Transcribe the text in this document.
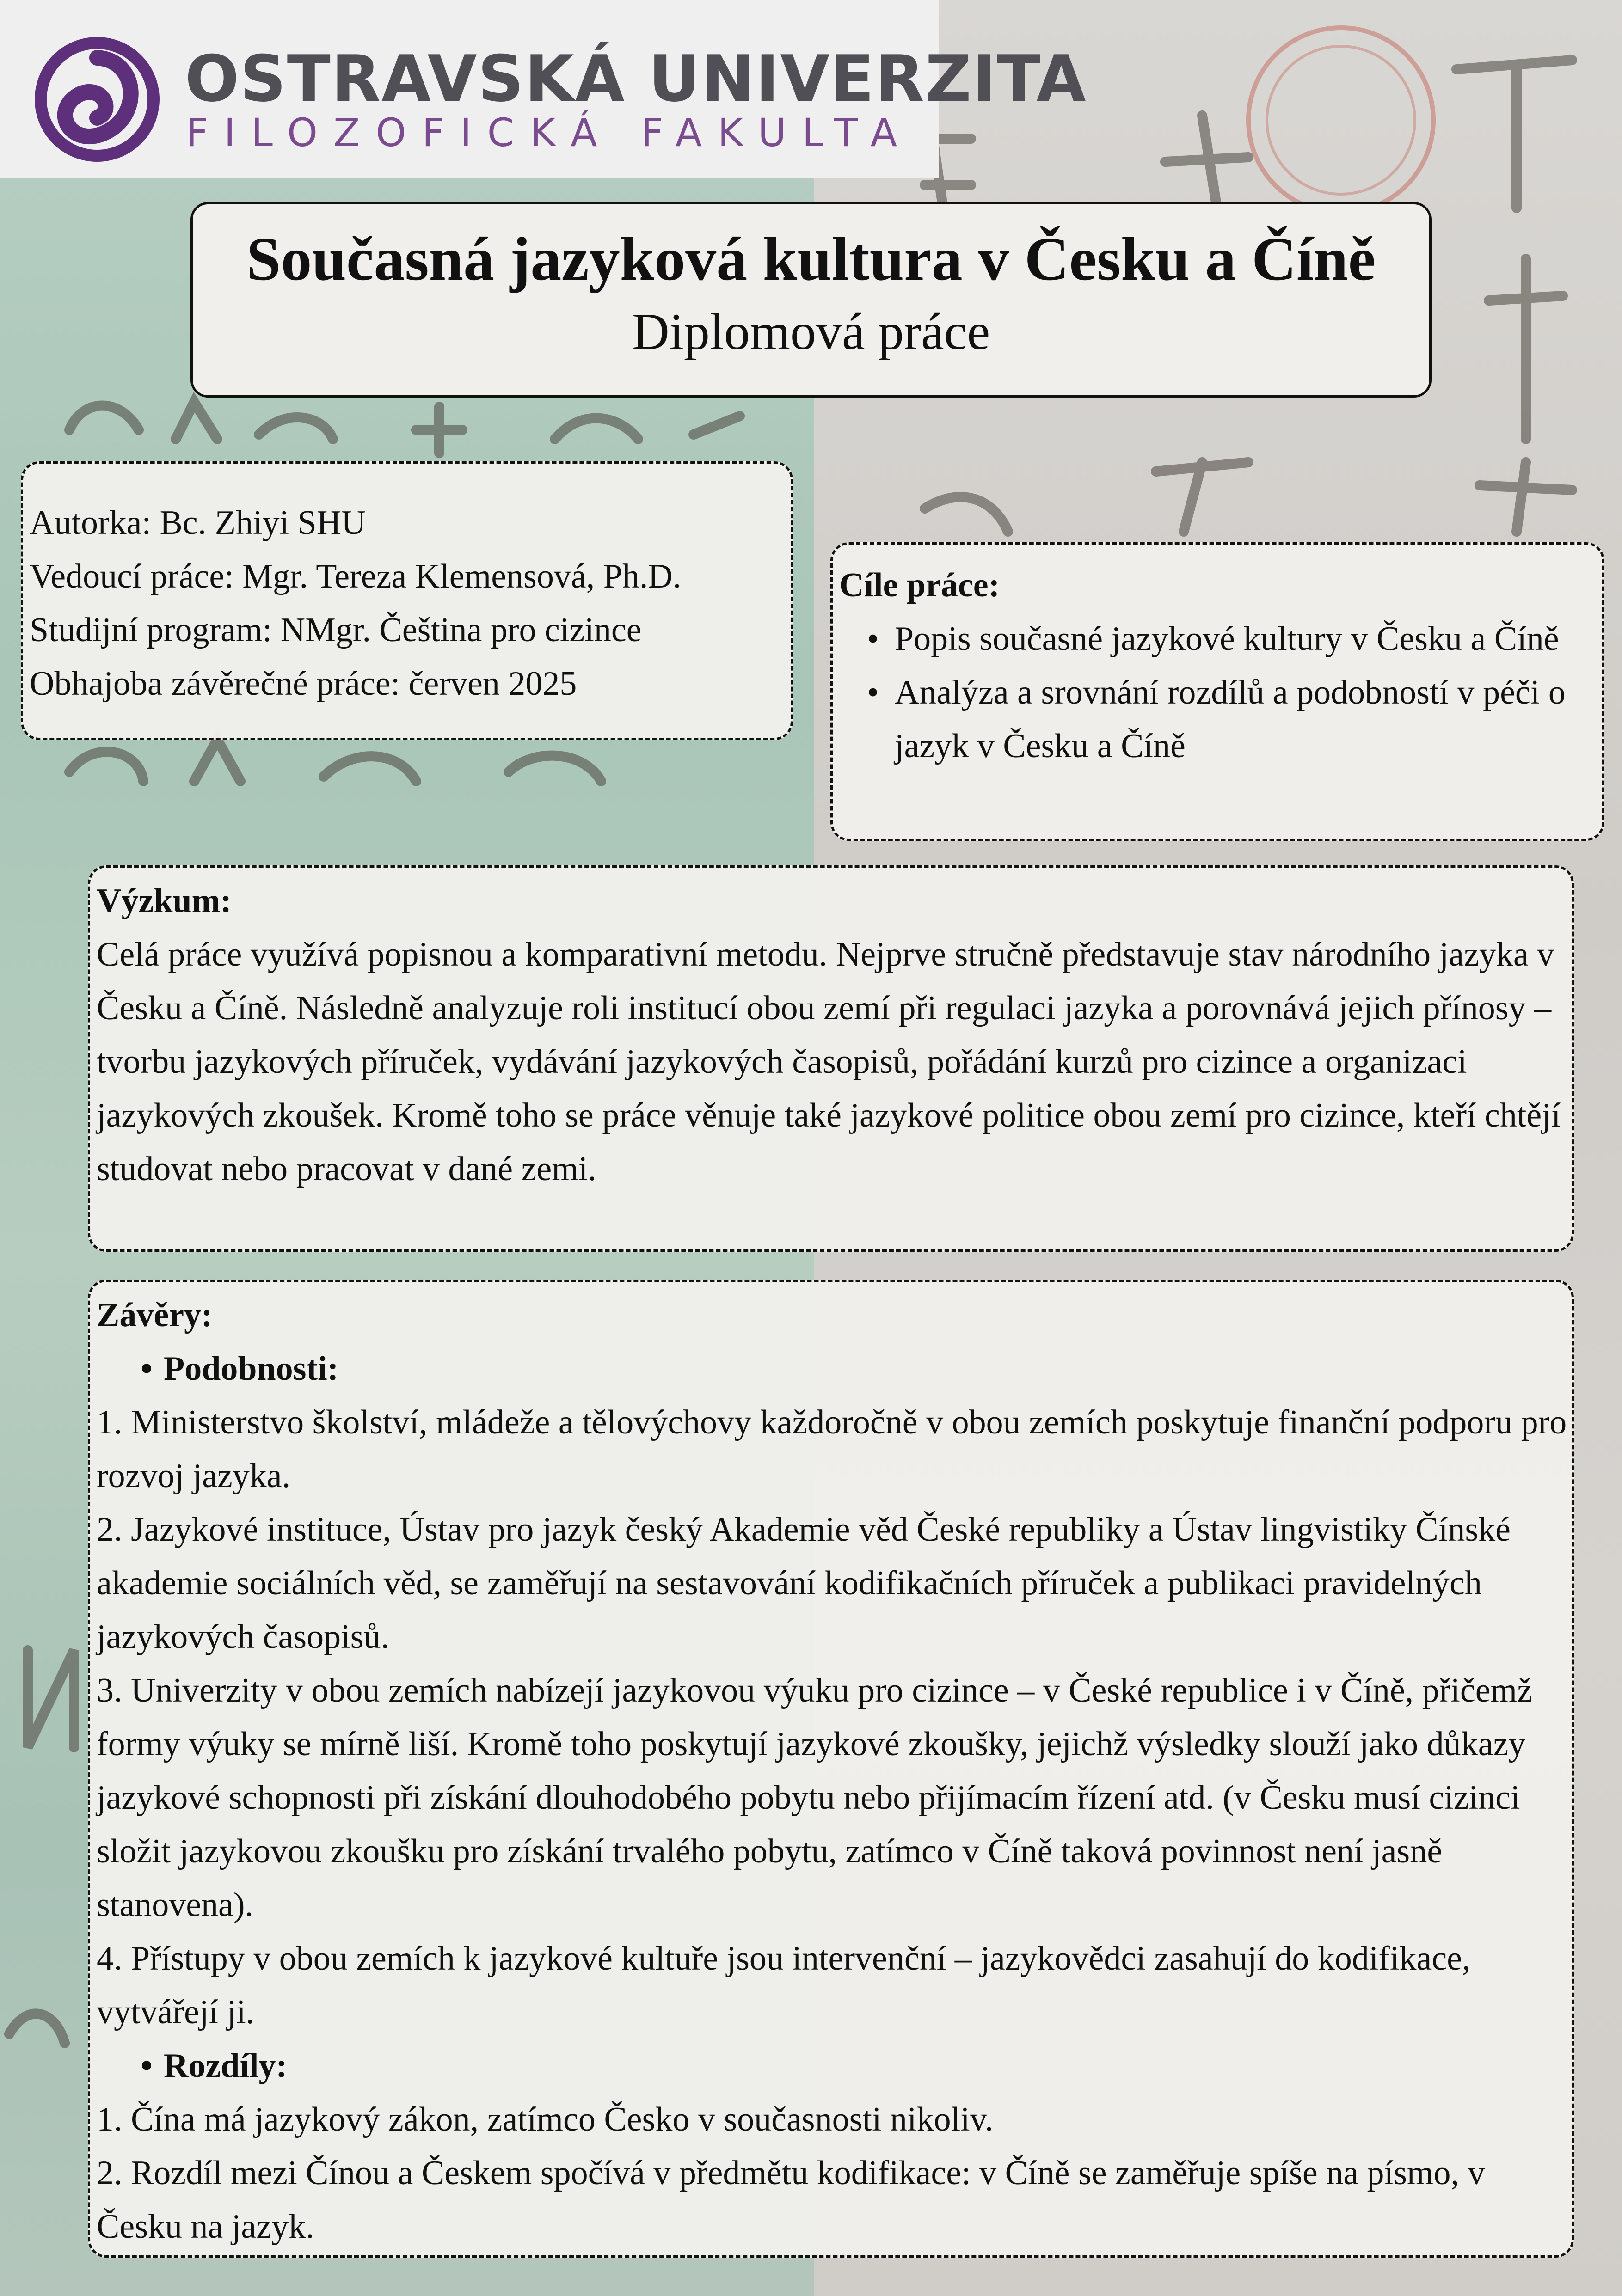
OSTRAVSKÁ UNIVERZITA
FILOZOFICKÁ FAKULTA
Současná jazyková kultura v Česku a Číně
Diplomová práce
Autorka: Bc. Zhiyi SHU
Vedoucí práce: Mgr. Tereza Klemensová, Ph.D.
Studijní program: NMgr. Čeština pro cizince
Obhajoba závěrečné práce: červen 2025
Cíle práce:
• Popis současné jazykové kultury v Česku a Číně
• Analýza a srovnání rozdílů a podobností v péči o jazyk v Česku a Číně
Výzkum:

Celá práce využívá popisnou a komparativní metodu. Nejprve stručně představuje stav národního jazyka v Česku a Číně. Následně analyzuje roli institucí obou zemí při regulaci jazyka a porovnává jejich přínosy – tvorbu jazykových příruček, vydávání jazykových časopisů, pořádání kurzů pro cizince a organizaci jazykových zkoušek. Kromě toho se práce věnuje také jazykové politice obou zemí pro cizince, kteří chtějí studovat nebo pracovat v dané zemi.

Závěry:
• Podobnosti:

1. Ministerstvo školství, mládeže a tělovýchovy každoročně v obou zemích poskytuje finanční podporu pro rozvoj jazyka.

2. Jazykové instituce, Ústav pro jazyk český Akademie věd České republiky a Ústav lingvistiky Čínské akademie sociálních věd, se zaměřují na sestavování kodifikačních příruček a publikaci pravidelných jazykových časopisů.

3. Univerzity v obou zemích nabízejí jazykovou výuku pro cizince – v České republice i v Číně, přičemž formy výuky se mírně liší. Kromě toho poskytují jazykové zkoušky, jejichž výsledky slouží jako důkazy jazykové schopnosti při získání dlouhodobého pobytu nebo přijímacím řízení atd. (v Česku musí cizinci složit jazykovou zkoušku pro získání trvalého pobytu, zatímco v Číně taková povinnost není jasně stanovena).

4. Přístupy v obou zemích k jazykové kultuře jsou intervenční – jazykovědci zasahují do kodifikace, vytvářejí ji.

• Rozdíly:

1. Čína má jazykový zákon, zatímco Česko v současnosti nikoliv.

2. Rozdíl mezi Čínou a Českem spočívá v předmětu kodifikace: v Číně se zaměřuje spíše na písmo, v Česku na jazyk.
